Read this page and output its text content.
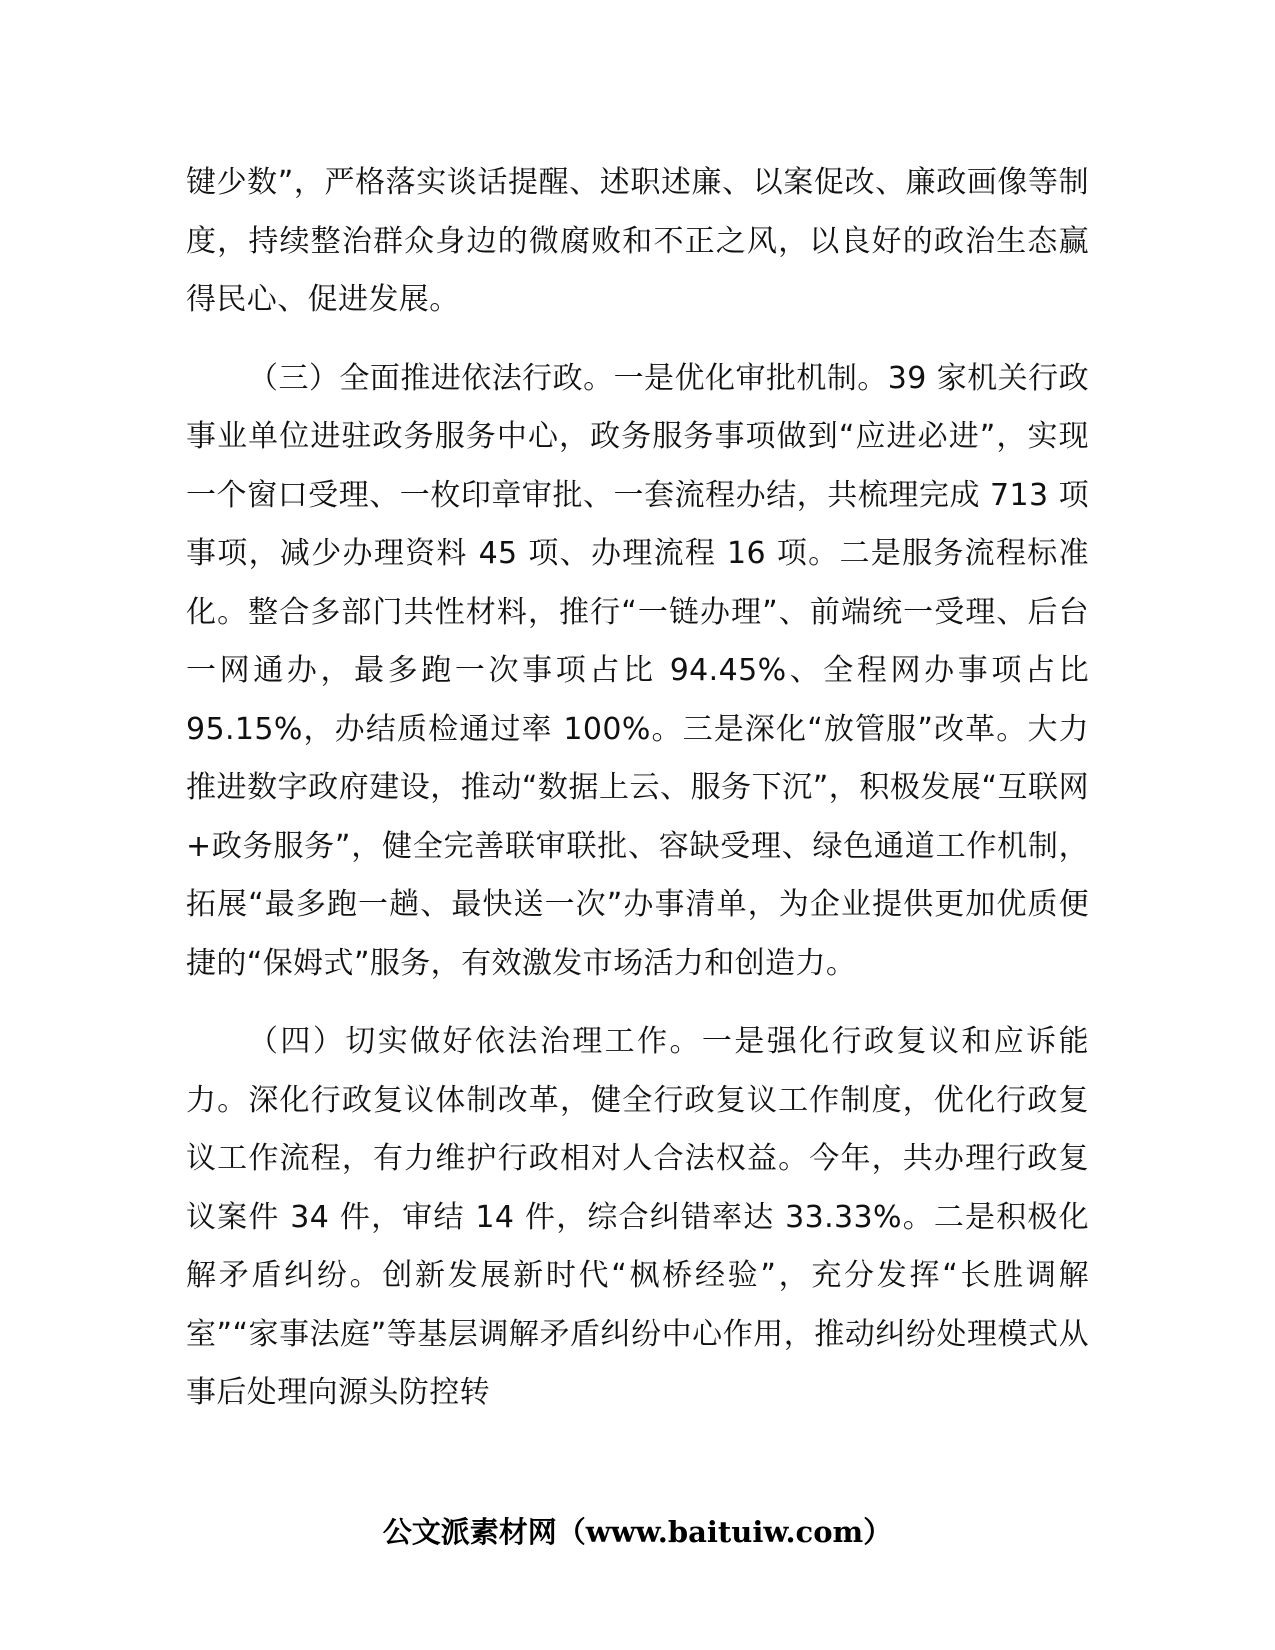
键少数”，严格落实谈话提醒、述职述廉、以案促改、廉政画像等制度，持续整治群众身边的微腐败和不正之风，以良好的政治生态赢得民心、促进发展。

（三）全面推进依法行政。一是优化审批机制。39 家机关行政事业单位进驻政务服务中心，政务服务事项做到“应进必进”，实现一个窗口受理、一枚印章审批、一套流程办结，共梳理完成 713 项事项，减少办理资料 45 项、办理流程 16 项。二是服务流程标准化。整合多部门共性材料，推行“一链办理”、前端统一受理、后台一网通办，最多跑一次事项占比 94.45%、全程网办事项占比 95.15%，办结质检通过率 100%。三是深化“放管服”改革。大力推进数字政府建设，推动“数据上云、服务下沉”，积极发展“互联网+政务服务”，健全完善联审联批、容缺受理、绿色通道工作机制，拓展“最多跑一趟、最快送一次”办事清单，为企业提供更加优质便捷的“保姆式”服务，有效激发市场活力和创造力。

（四）切实做好依法治理工作。一是强化行政复议和应诉能力。深化行政复议体制改革，健全行政复议工作制度，优化行政复议工作流程，有力维护行政相对人合法权益。今年，共办理行政复议案件 34 件，审结 14 件，综合纠错率达 33.33%。二是积极化解矛盾纠纷。创新发展新时代“枫桥经验”，充分发挥“长胜调解室”“家事法庭”等基层调解矛盾纠纷中心作用，推动纠纷处理模式从事后处理向源头防控转

公文派素材网（www.baituiw.com）
